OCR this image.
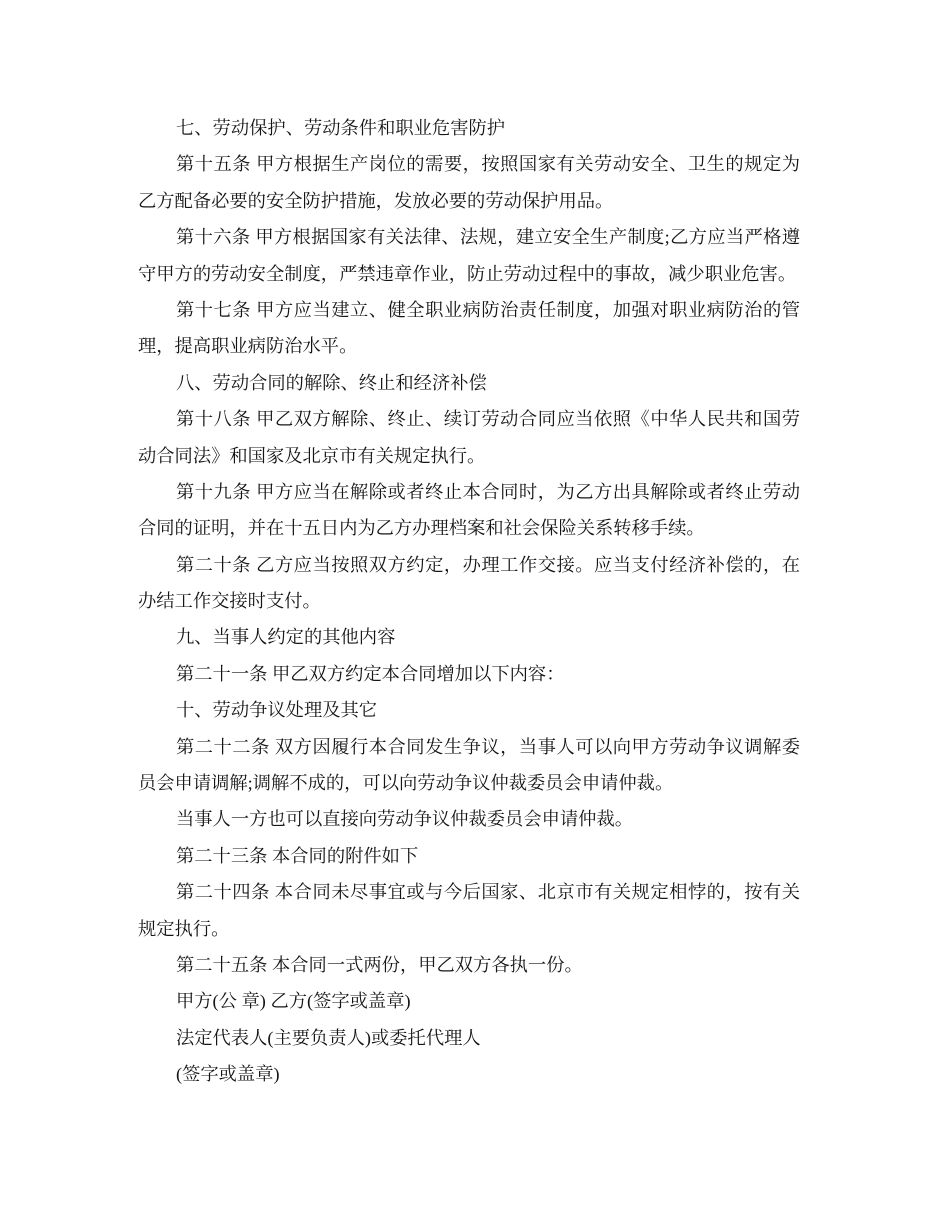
七、劳动保护、劳动条件和职业危害防护
第十五条 甲方根据生产岗位的需要，按照国家有关劳动安全、卫生的规定为
乙方配备必要的安全防护措施，发放必要的劳动保护用品。
第十六条 甲方根据国家有关法律、法规，建立安全生产制度;乙方应当严格遵
守甲方的劳动安全制度，严禁违章作业，防止劳动过程中的事故，减少职业危害。
第十七条 甲方应当建立、健全职业病防治责任制度，加强对职业病防治的管
理，提高职业病防治水平。
八、劳动合同的解除、终止和经济补偿
第十八条 甲乙双方解除、终止、续订劳动合同应当依照《中华人民共和国劳
动合同法》和国家及北京市有关规定执行。
第十九条 甲方应当在解除或者终止本合同时，为乙方出具解除或者终止劳动
合同的证明，并在十五日内为乙方办理档案和社会保险关系转移手续。
第二十条 乙方应当按照双方约定，办理工作交接。应当支付经济补偿的，在
办结工作交接时支付。
九、当事人约定的其他内容
第二十一条 甲乙双方约定本合同增加以下内容：
十、劳动争议处理及其它
第二十二条 双方因履行本合同发生争议，当事人可以向甲方劳动争议调解委
员会申请调解;调解不成的，可以向劳动争议仲裁委员会申请仲裁。
当事人一方也可以直接向劳动争议仲裁委员会申请仲裁。
第二十三条 本合同的附件如下
第二十四条 本合同未尽事宜或与今后国家、北京市有关规定相悖的，按有关
规定执行。
第二十五条 本合同一式两份，甲乙双方各执一份。
甲方(公 章) 乙方(签字或盖章)
法定代表人(主要负责人)或委托代理人
(签字或盖章)
